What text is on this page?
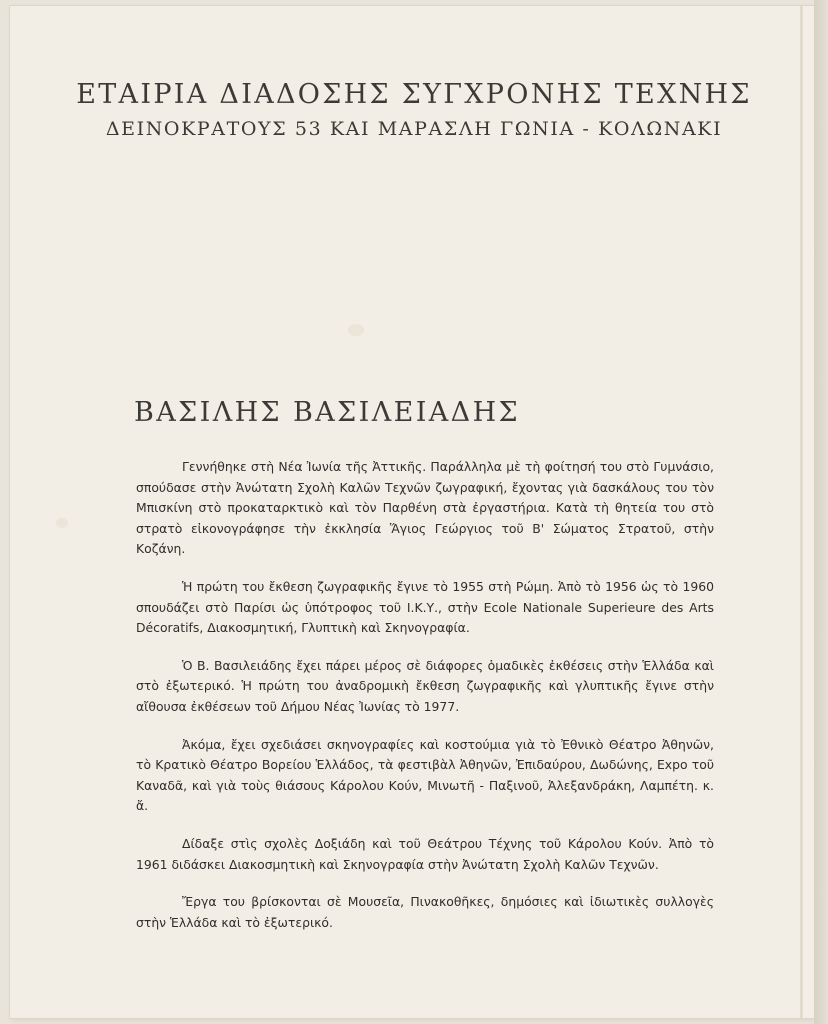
ΕΤΑΙΡΙΑ ΔΙΑΔΟΣΗΣ ΣΥΓΧΡΟΝΗΣ ΤΕΧΝΗΣ
ΔΕΙΝΟΚΡΑΤΟΥΣ 53 ΚΑΙ ΜΑΡΑΣΛΗ ΓΩΝΙΑ - ΚΟΛΩΝΑΚΙ
ΒΑΣΙΛΗΣ ΒΑΣΙΛΕΙΑΔΗΣ

Γεννήθηκε στὴ Νέα Ἰωνία τῆς Ἀττικῆς. Παράλληλα μὲ τὴ φοίτησή του στὸ Γυμνάσιο, σπούδασε στὴν Ἀνώτατη Σχολὴ Καλῶν Τεχνῶν ζωγραφική, ἔχοντας γιὰ δασκάλους του τὸν Μπισκίνη στὸ προκαταρκτικὸ καὶ τὸν Παρθένη στὰ ἐργαστήρια. Κατὰ τὴ θητεία του στὸ στρατὸ εἰκονογράφησε τὴν ἐκκλησία Ἅγιος Γεώργιος τοῦ Β' Σώματος Στρατοῦ, στὴν Κοζάνη.

Ἡ πρώτη του ἔκθεση ζωγραφικῆς ἔγινε τὸ 1955 στὴ Ρώμη. Ἀπὸ τὸ 1956 ὡς τὸ 1960 σπουδάζει στὸ Παρίσι ὡς ὑπότροφος τοῦ Ι.Κ.Υ., στὴν Ecole Nationale Superieure des Arts Décoratifs, Διακοσμητική, Γλυπτικὴ καὶ Σκηνογραφία.

Ὁ Β. Βασιλειάδης ἔχει πάρει μέρος σὲ διάφορες ὁμαδικὲς ἐκθέσεις στὴν Ἑλλάδα καὶ στὸ ἐξωτερικό. Ἡ πρώτη του ἀναδρομικὴ ἔκθεση ζωγραφικῆς καὶ γλυπτικῆς ἔγινε στὴν αἴθουσα ἐκθέσεων τοῦ Δήμου Νέας Ἰωνίας τὸ 1977.

Ἀκόμα, ἔχει σχεδιάσει σκηνογραφίες καὶ κοστούμια γιὰ τὸ Ἐθνικὸ Θέατρο Ἀθηνῶν, τὸ Κρατικὸ Θέατρο Βορείου Ἑλλάδος, τὰ φεστιβὰλ Ἀθηνῶν, Ἐπιδαύρου, Δωδώνης, Expo τοῦ Καναδᾶ, καὶ γιὰ τοὺς θιάσους Κάρολου Κούν, Μινωτῆ - Παξινοῦ, Ἀλεξανδράκη, Λαμπέτη. κ. ἄ.

Δίδαξε στὶς σχολὲς Δοξιάδη καὶ τοῦ Θεάτρου Τέχνης τοῦ Κάρολου Κούν. Ἀπὸ τὸ 1961 διδάσκει Διακοσμητικὴ καὶ Σκηνογραφία στὴν Ἀνώτατη Σχολὴ Καλῶν Τεχνῶν.

Ἔργα του βρίσκονται σὲ Μουσεῖα, Πινακοθῆκες, δημόσιες καὶ ἰδιωτικὲς συλλογὲς στὴν Ἑλλάδα καὶ τὸ ἐξωτερικό.
